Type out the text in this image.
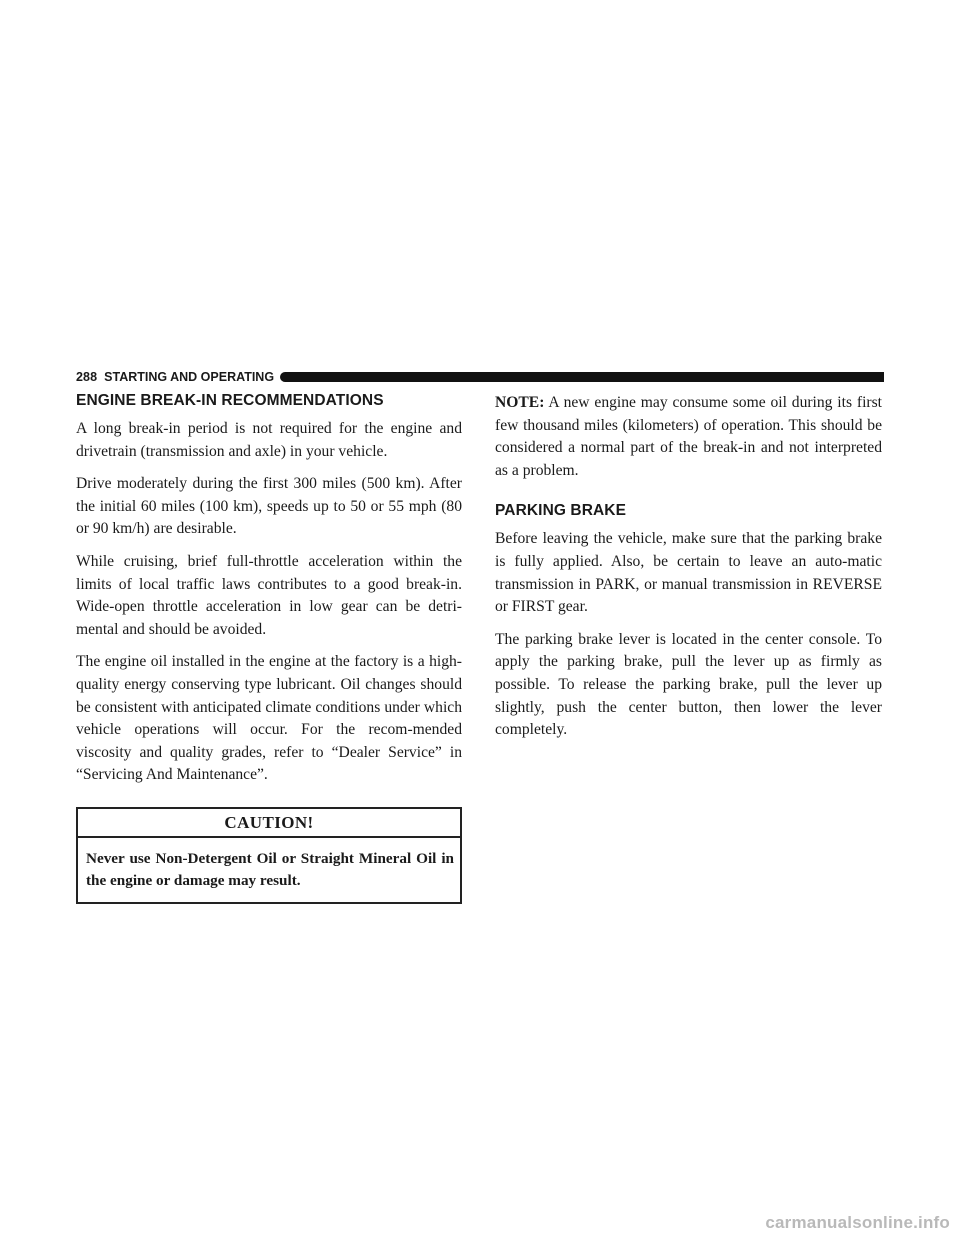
288 STARTING AND OPERATING
ENGINE BREAK-IN RECOMMENDATIONS

A long break-in period is not required for the engine and drivetrain (transmission and axle) in your vehicle.

Drive moderately during the first 300 miles (500 km). After the initial 60 miles (100 km), speeds up to 50 or 55 mph (80 or 90 km/h) are desirable.

While cruising, brief full-throttle acceleration within the limits of local traffic laws contributes to a good break-in. Wide-open throttle acceleration in low gear can be detri-mental and should be avoided.

The engine oil installed in the engine at the factory is a high-quality energy conserving type lubricant. Oil changes should be consistent with anticipated climate conditions under which vehicle operations will occur. For the recom-mended viscosity and quality grades, refer to “Dealer Service” in “Servicing And Maintenance”.

CAUTION!
Never use Non-Detergent Oil or Straight Mineral Oil in the engine or damage may result.

NOTE: A new engine may consume some oil during its first few thousand miles (kilometers) of operation. This should be considered a normal part of the break-in and not interpreted as a problem.

PARKING BRAKE

Before leaving the vehicle, make sure that the parking brake is fully applied. Also, be certain to leave an auto-matic transmission in PARK, or manual transmission in REVERSE or FIRST gear.

The parking brake lever is located in the center console. To apply the parking brake, pull the lever up as firmly as possible. To release the parking brake, pull the lever up slightly, push the center button, then lower the lever completely.

carmanualsonline.info
